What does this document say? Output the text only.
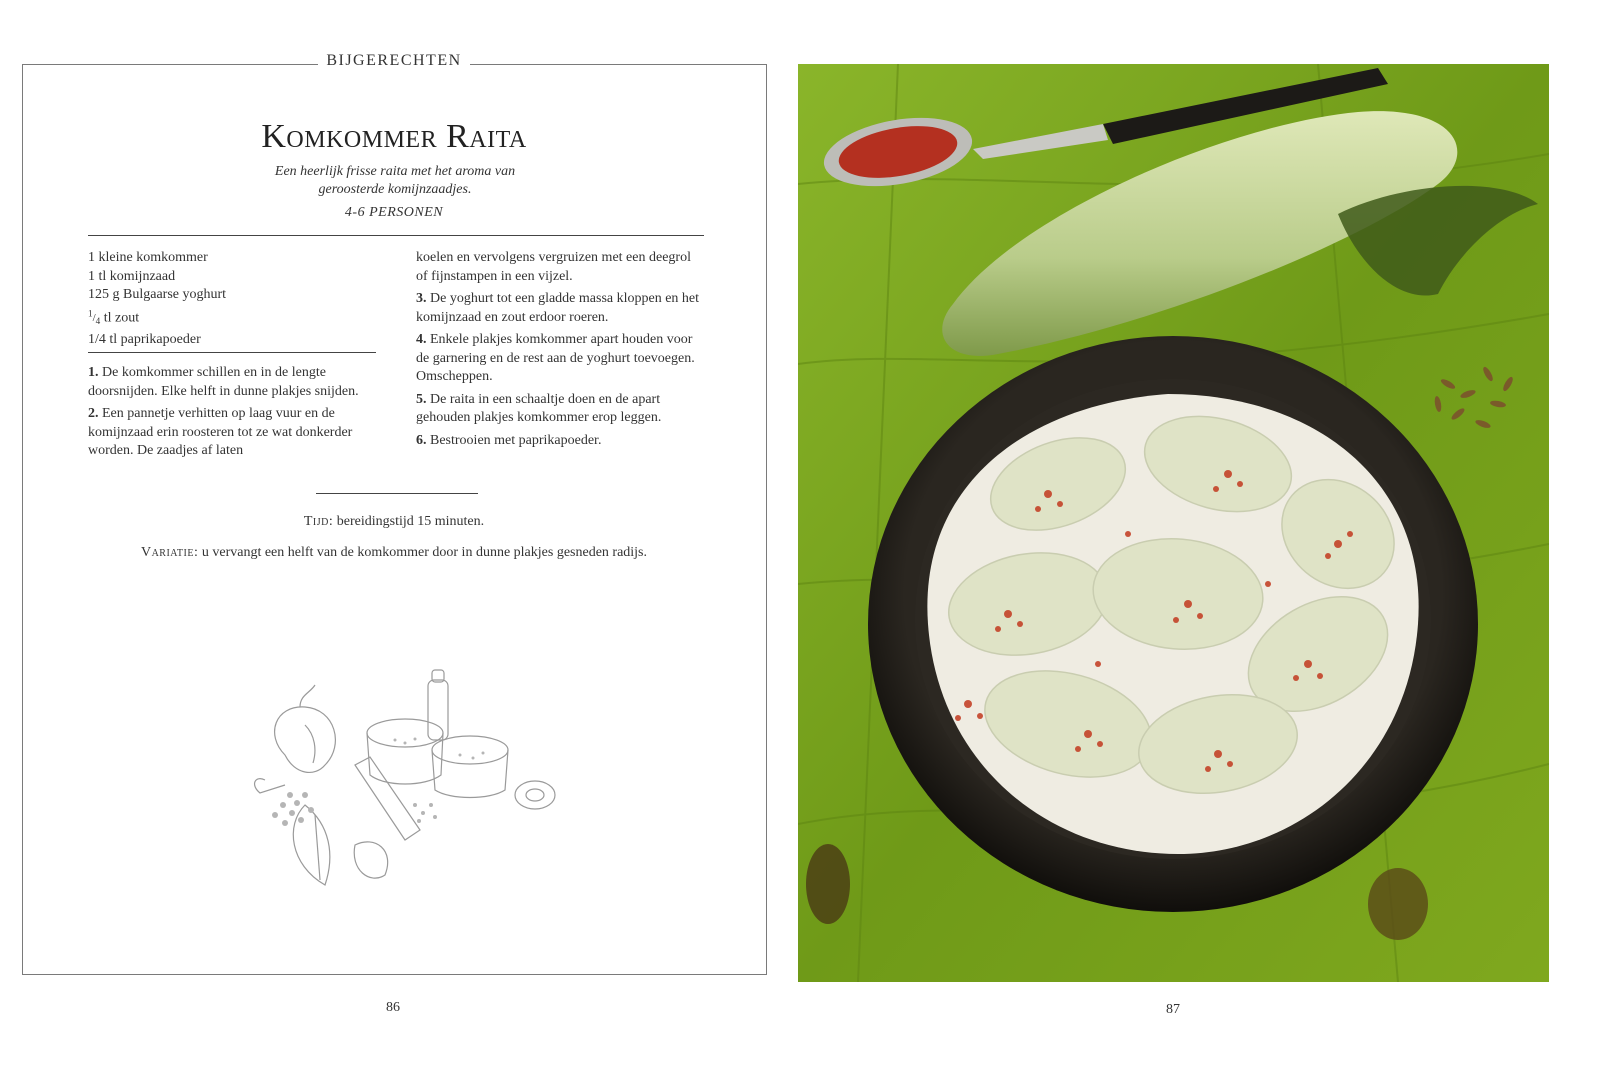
BIJGERECHTEN
Komkommer Raita
Een heerlijk frisse raita met het aroma van geroosterde komijnzaadjes.
4-6 PERSONEN
1 kleine komkommer
1 tl komijnzaad
125 g Bulgaarse yoghurt
$^1/_4$ tl zout
1/4 tl paprikapoeder

1. De komkommer schillen en in de lengte doorsnijden. Elke helft in dunne plakjes snijden.

2. Een pannetje verhitten op laag vuur en de komijnzaad erin roosteren tot ze wat donkerder worden. De zaadjes af laten

koelen en vervolgens vergruizen met een deegrol of fijnstampen in een vijzel.

3. De yoghurt tot een gladde massa kloppen en het komijnzaad en zout erdoor roeren.

4. Enkele plakjes komkommer apart houden voor de garnering en de rest aan de yoghurt toevoegen. Omscheppen.

5. De raita in een schaaltje doen en de apart gehouden plakjes komkommer erop leggen.

6. Bestrooien met paprikapoeder.

Tijd: bereidingstijd 15 minuten.
Variatie: u vervangt een helft van de komkommer door in dunne plakjes gesneden radijs.
86	87
